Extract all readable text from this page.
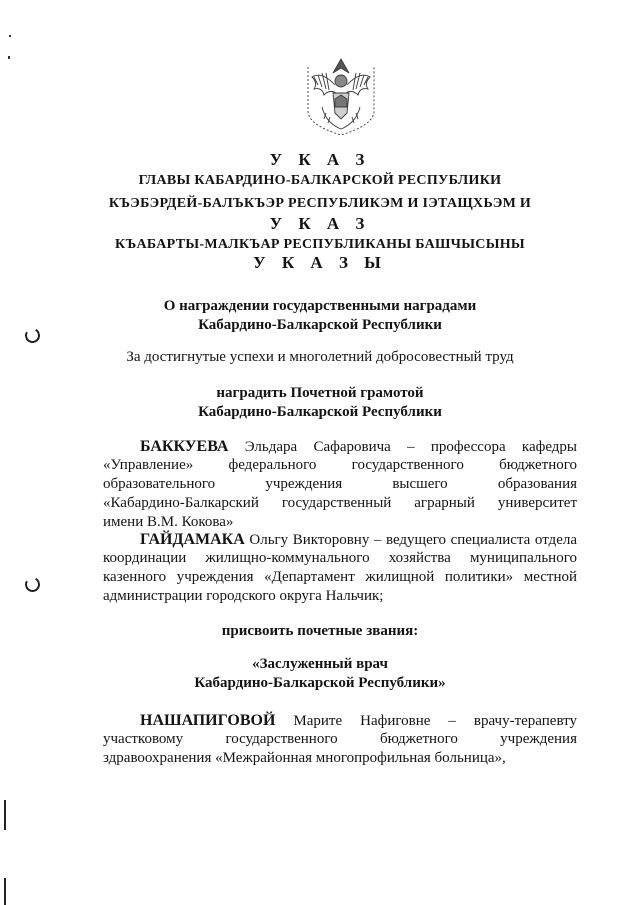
У К А З
ГЛАВЫ КАБАРДИНО-БАЛКАРСКОЙ РЕСПУБЛИКИ
КЪЭБЭРДЕЙ-БАЛЪКЪЭР РЕСПУБЛИКЭМ И ІЭТАЩХЬЭМ И
У К А З
КЪАБАРТЫ-МАЛКЪАР РЕСПУБЛИКАНЫ БАШЧЫСЫНЫ
У К А З Ы
О награждении государственными наградами
Кабардино-Балкарской Республики
За достигнутые успехи и многолетний добросовестный труд
наградить Почетной грамотой
Кабардино-Балкарской Республики
БАККУЕВА Эльдара Сафаровича – профессора кафедры
«Управление» федерального государственного бюджетного
образовательного учреждения высшего образования
«Кабардино-Балкарский государственный аграрный университет
имени В.М. Кокова»
ГАЙДАМАКА Ольгу Викторовну – ведущего специалиста отдела
координации жилищно-коммунального хозяйства муниципального
казенного учреждения «Департамент жилищной политики» местной
администрации городского округа Нальчик;
присвоить почетные звания:
«Заслуженный врач
Кабардино-Балкарской Республики»
НАШАПИГОВОЙ Марите Нафиговне – врачу-терапевту
участковому государственного бюджетного учреждения
здравоохранения «Межрайонная многопрофильная больница»,
